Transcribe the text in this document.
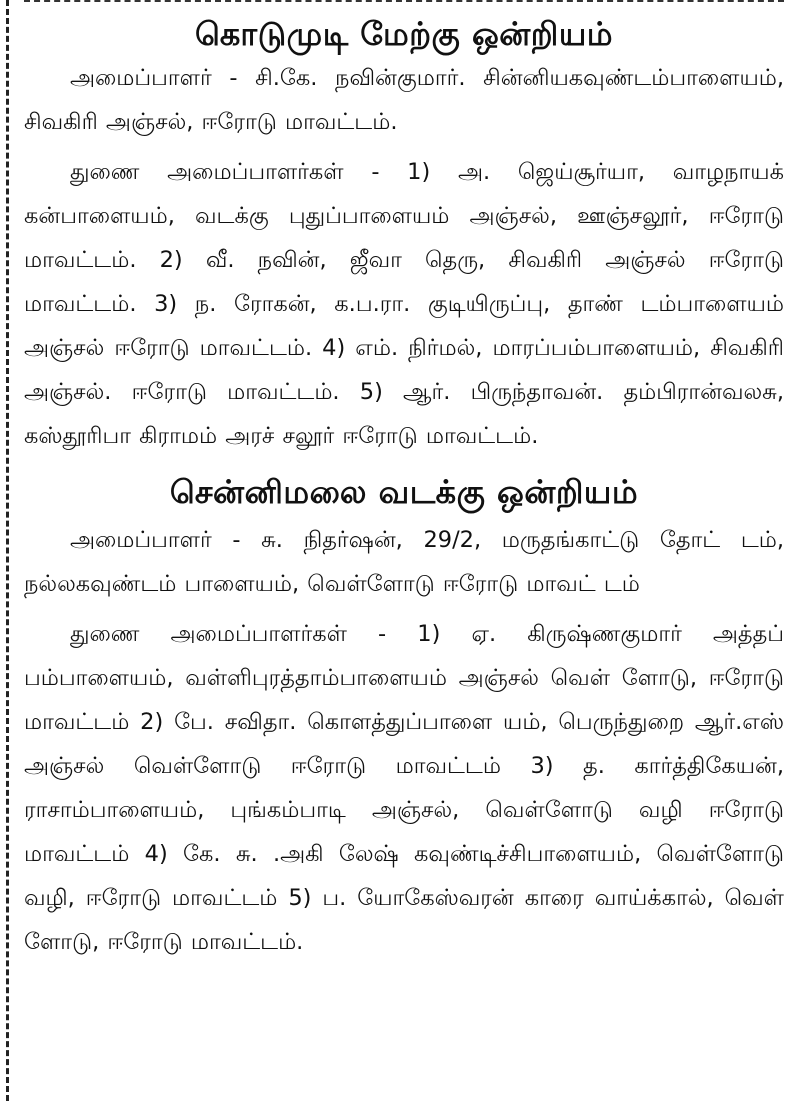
கொடுமுடி மேற்கு ஒன்றியம்

அமைப்பாளர் - சி.கே. நவின்குமார். சின்னியகவுண்டம்பாளையம், சிவகிரி அஞ்சல், ஈரோடு மாவட்டம்.

துணை அமைப்பாளர்கள் - 1) அ. ஜெய்சூர்யா, வாழநாயக் கன்பாளையம், வடக்கு புதுப்பாளையம் அஞ்சல், ஊஞ்சலூர், ஈரோடு மாவட்டம். 2) வீ. நவின், ஜீவா தெரு, சிவகிரி அஞ்சல் ஈரோடு மாவட்டம். 3) ந. ரோகன், க.ப.ரா. குடியிருப்பு, தாண் டம்பாளையம் அஞ்சல் ஈரோடு மாவட்டம். 4) எம். நிர்மல், மாரப்பம்பாளையம், சிவகிரி அஞ்சல். ஈரோடு மாவட்டம். 5) ஆர். பிருந்தாவன். தம்பிரான்வலசு, கஸ்தூரிபா கிராமம் அரச் சலூர் ஈரோடு மாவட்டம்.

சென்னிமலை வடக்கு ஒன்றியம்

அமைப்பாளர் - சு. நிதர்ஷன், 29/2, மருதங்காட்டு தோட் டம், நல்லகவுண்டம் பாளையம், வெள்ளோடு ஈரோடு மாவட் டம்

துணை அமைப்பாளர்கள் - 1) ஏ. கிருஷ்ணகுமார் அத்தப் பம்பாளையம், வள்ளிபுரத்தாம்பாளையம் அஞ்சல் வெள் ளோடு, ஈரோடு மாவட்டம் 2) பே. சவிதா. கொளத்துப்பாளை யம், பெருந்துறை ஆர்.எஸ் அஞ்சல் வெள்ளோடு ஈரோடு மாவட்டம் 3) த. கார்த்திகேயன், ராசாம்பாளையம், புங்கம்பாடி அஞ்சல், வெள்ளோடு வழி ஈரோடு மாவட்டம் 4) கே. சு. .அகி லேஷ் கவுண்டிச்சிபாளையம், வெள்ளோடு வழி, ஈரோடு மாவட்டம் 5) ப. யோகேஸ்வரன் காரை வாய்க்கால், வெள் ளோடு, ஈரோடு மாவட்டம்.
